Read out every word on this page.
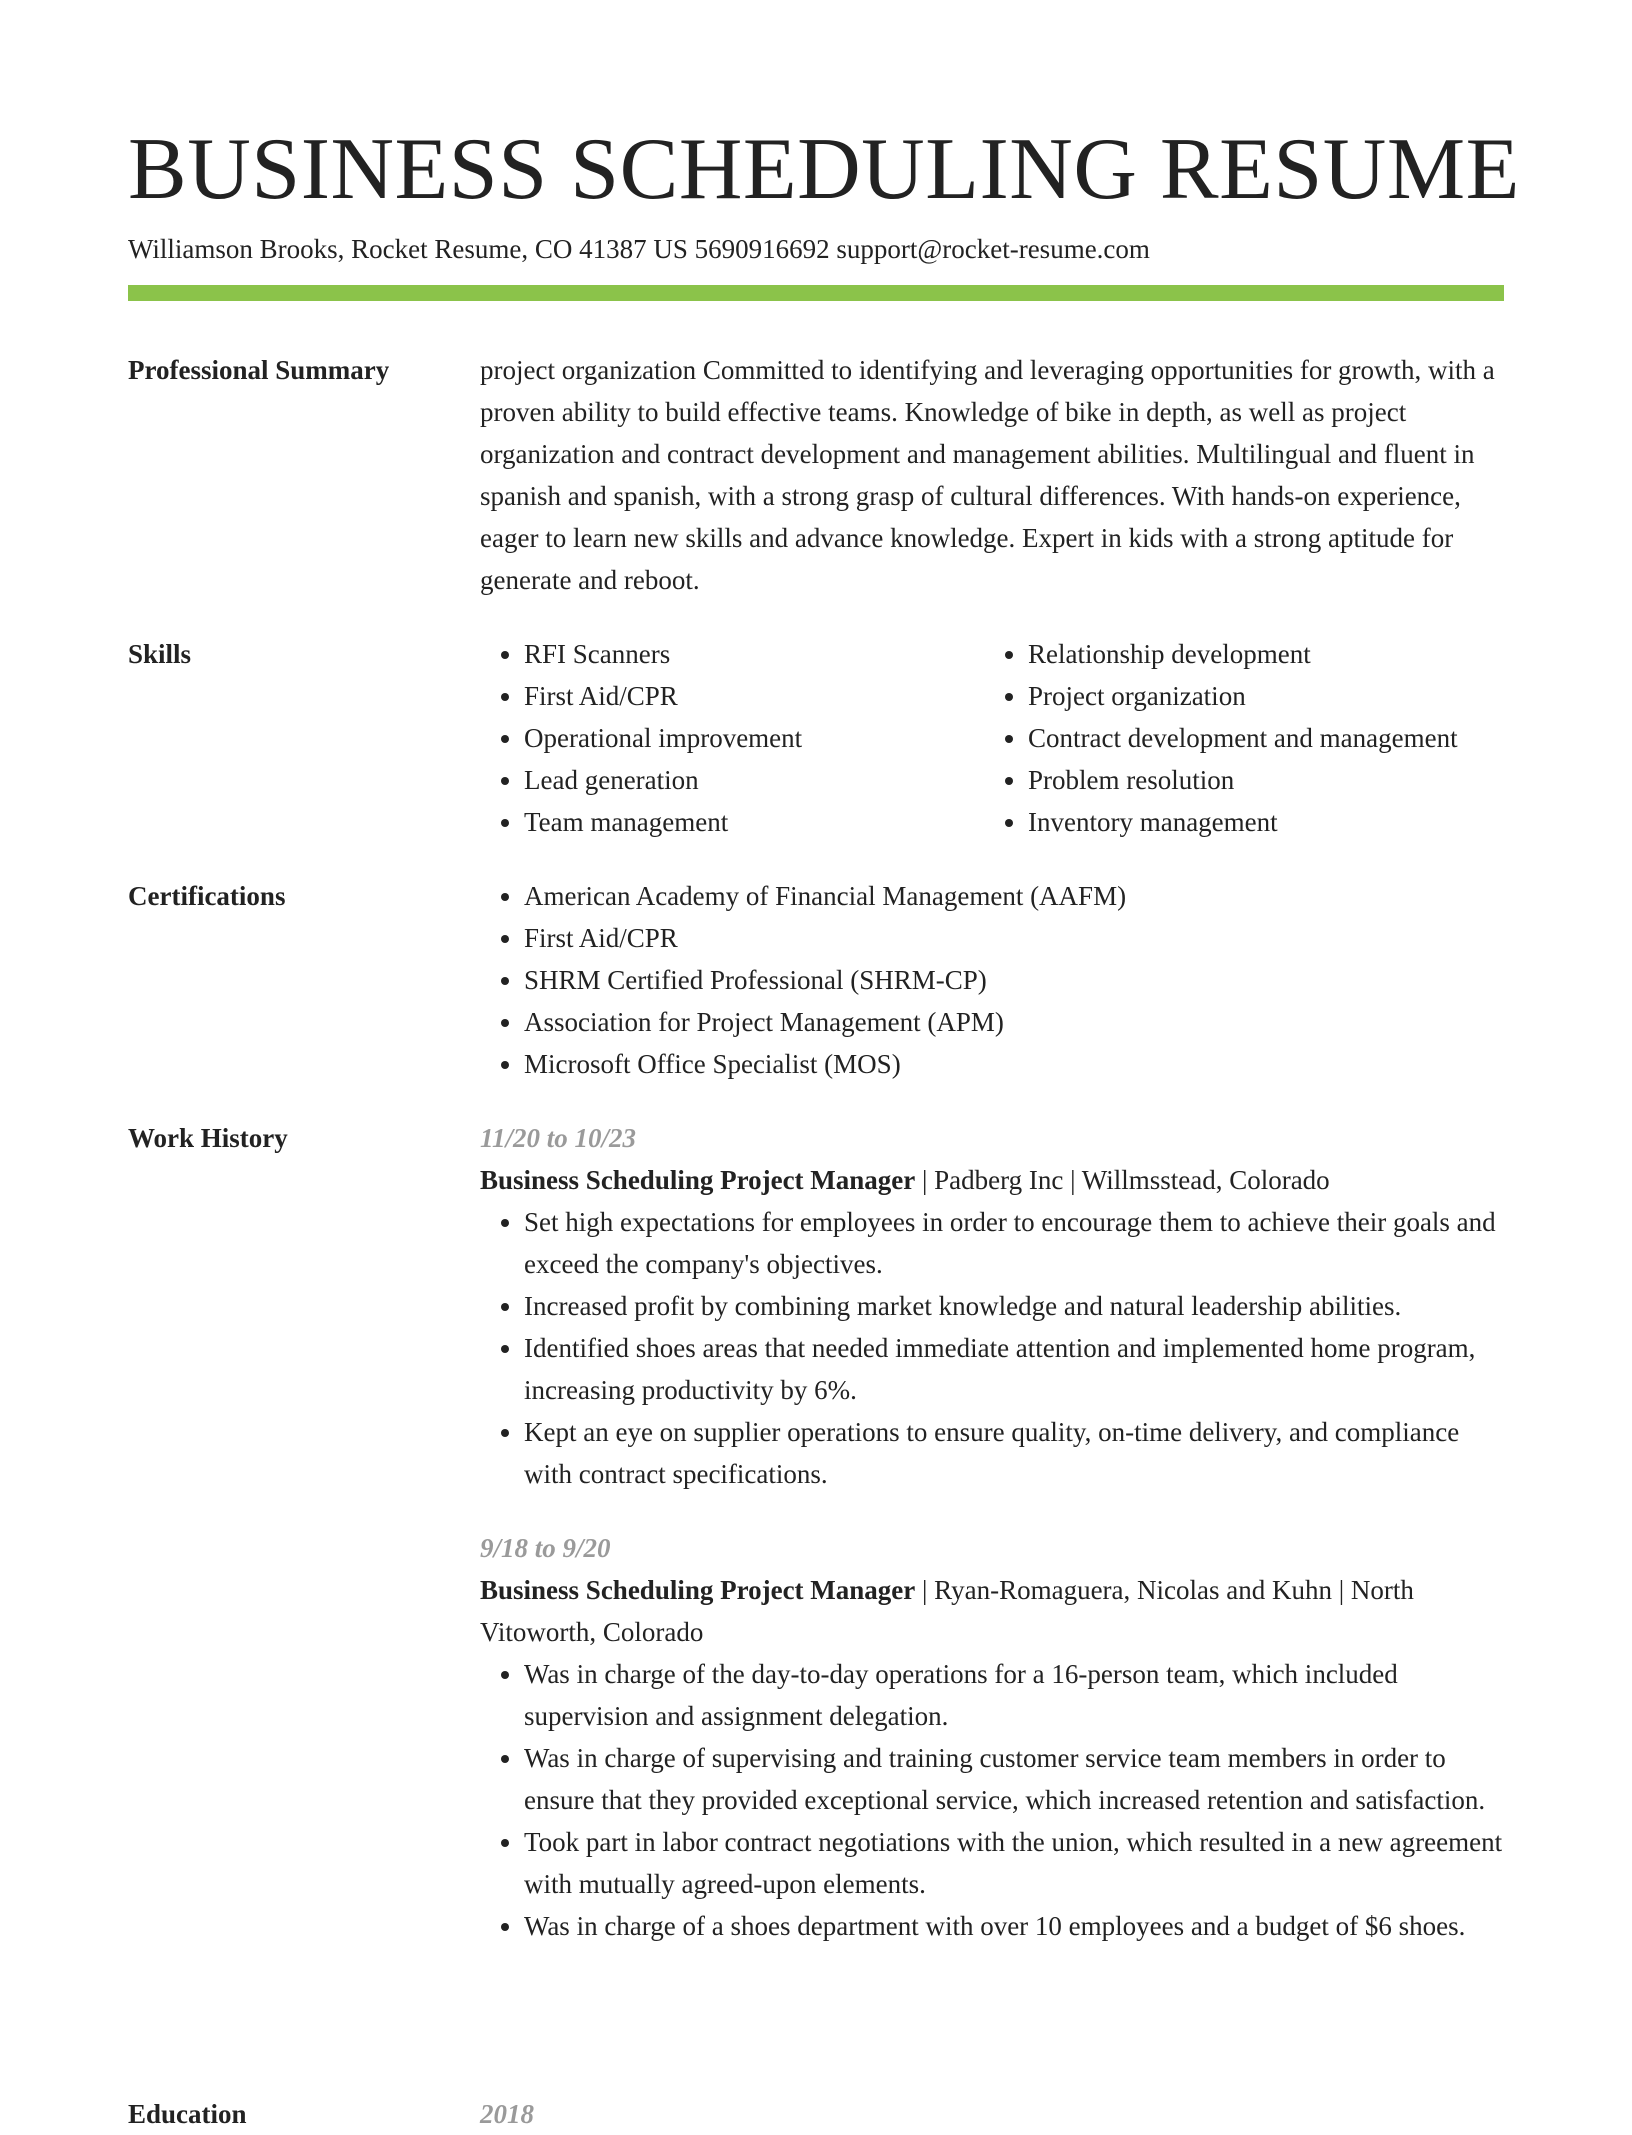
BUSINESS SCHEDULING RESUME
Williamson Brooks, Rocket Resume, CO 41387 US 5690916692 support@rocket-resume.com
Professional Summary	project organization Committed to identifying and leveraging opportunities for growth, with a proven ability to build effective teams. Knowledge of bike in depth, as well as project organization and contract development and management abilities. Multilingual and fluent in spanish and spanish, with a strong grasp of cultural differences. With hands-on experience, eager to learn new skills and advance knowledge. Expert in kids with a strong aptitude for generate and reboot.

Skills	• RFI Scanners
• First Aid/CPR
• Operational improvement
• Lead generation
• Team management
• Relationship development
• Project organization
• Contract development and management
• Problem resolution
• Inventory management
Certifications	• American Academy of Financial Management (AAFM)
• First Aid/CPR
• SHRM Certified Professional (SHRM-CP)
• Association for Project Management (APM)
• Microsoft Office Specialist (MOS)
Work History	11/20 to 10/23

Business Scheduling Project Manager | Padberg Inc | Willmsstead, Colorado

• Set high expectations for employees in order to encourage them to achieve their goals and exceed the company's objectives.
• Increased profit by combining market knowledge and natural leadership abilities.
• Identified shoes areas that needed immediate attention and implemented home program, increasing productivity by 6%.
• Kept an eye on supplier operations to ensure quality, on-time delivery, and compliance with contract specifications.
9/18 to 9/20

Business Scheduling Project Manager | Ryan-Romaguera, Nicolas and Kuhn | North Vitoworth, Colorado

• Was in charge of the day-to-day operations for a 16-person team, which included supervision and assignment delegation.
• Was in charge of supervising and training customer service team members in order to ensure that they provided exceptional service, which increased retention and satisfaction.
• Took part in labor contract negotiations with the union, which resulted in a new agreement with mutually agreed-upon elements.
• Was in charge of a shoes department with over 10 employees and a budget of $6 shoes.
Education	2018
